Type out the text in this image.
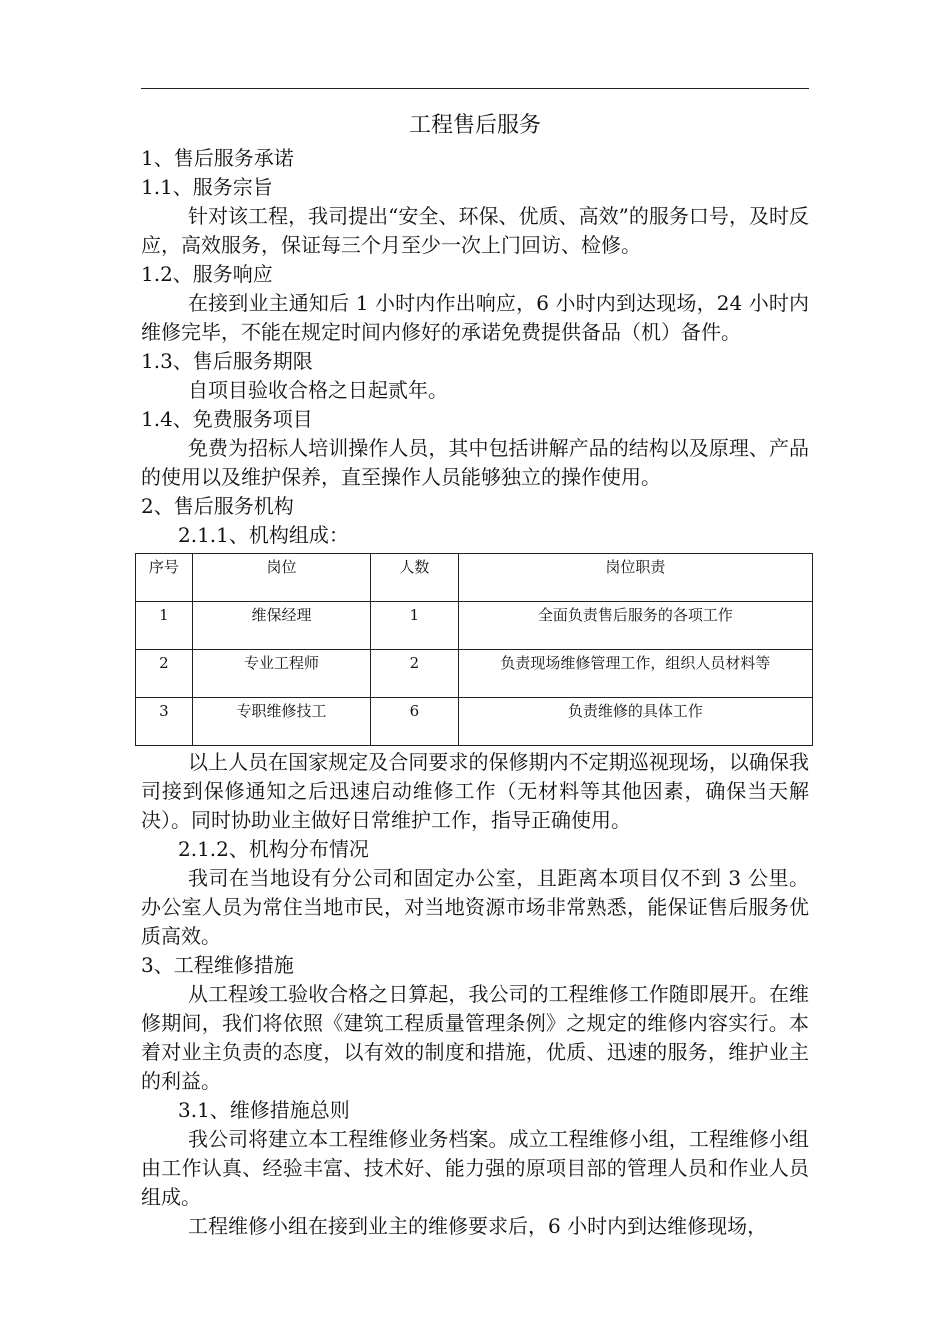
工程售后服务

1、售后服务承诺

1.1、服务宗旨

针对该工程，我司提出“安全、环保、优质、高效”的服务口号，及时反应，高效服务，保证每三个月至少一次上门回访、检修。

1.2、服务响应

在接到业主通知后 1 小时内作出响应，6 小时内到达现场，24 小时内维修完毕，不能在规定时间内修好的承诺免费提供备品（机）备件。

1.3、售后服务期限

自项目验收合格之日起贰年。

1.4、免费服务项目

免费为招标人培训操作人员，其中包括讲解产品的结构以及原理、产品的使用以及维护保养，直至操作人员能够独立的操作使用。

2、售后服务机构

2.1.1、机构组成：

序号	岗位	人数	岗位职责
1	维保经理	1	全面负责售后服务的各项工作
2	专业工程师	2	负责现场维修管理工作，组织人员材料等
3	专职维修技工	6	负责维修的具体工作

以上人员在国家规定及合同要求的保修期内不定期巡视现场，以确保我司接到保修通知之后迅速启动维修工作（无材料等其他因素，确保当天解决）。同时协助业主做好日常维护工作，指导正确使用。

2.1.2、机构分布情况

我司在当地设有分公司和固定办公室，且距离本项目仅不到 3 公里。办公室人员为常住当地市民，对当地资源市场非常熟悉，能保证售后服务优质高效。

3、工程维修措施

从工程竣工验收合格之日算起，我公司的工程维修工作随即展开。在维修期间，我们将依照《建筑工程质量管理条例》之规定的维修内容实行。本着对业主负责的态度，以有效的制度和措施，优质、迅速的服务，维护业主的利益。

3.1、维修措施总则

我公司将建立本工程维修业务档案。成立工程维修小组，工程维修小组由工作认真、经验丰富、技术好、能力强的原项目部的管理人员和作业人员组成。

工程维修小组在接到业主的维修要求后，6 小时内到达维修现场，
